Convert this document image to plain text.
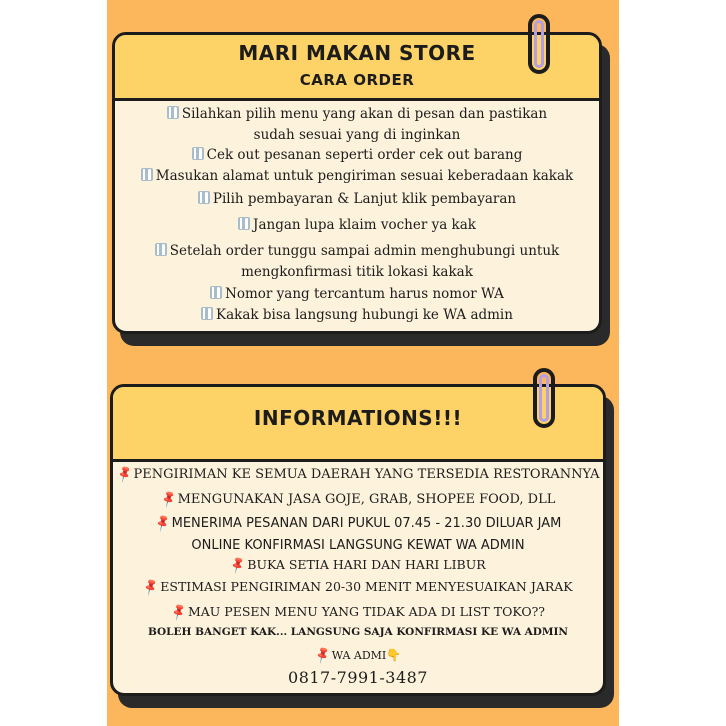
MARI MAKAN STORE
CARA ORDER
Silahkan pilih menu yang akan di pesan dan pastikan
sudah sesuai yang di inginkan
Cek out pesanan seperti order cek out barang
Masukan alamat untuk pengiriman sesuai keberadaan kakak
Pilih pembayaran & Lanjut klik pembayaran
Jangan lupa klaim vocher ya kak
Setelah order tunggu sampai admin menghubungi untuk
mengkonfirmasi titik lokasi kakak
Nomor yang tercantum harus nomor WA
Kakak bisa langsung hubungi ke WA admin
INFORMATIONS!!!
📌PENGIRIMAN KE SEMUA DAERAH YANG TERSEDIA RESTORANNYA
📌MENGUNAKAN JASA GOJE, GRAB, SHOPEE FOOD, DLL
📌MENERIMA PESANAN DARI PUKUL 07.45 - 21.30 DILUAR JAM
ONLINE KONFIRMASI LANGSUNG KEWAT WA ADMIN
📌BUKA SETIA HARI DAN HARI LIBUR
📌ESTIMASI PENGIRIMAN 20-30 MENIT MENYESUAIKAN JARAK
📌MAU PESEN MENU YANG TIDAK ADA DI LIST TOKO??
BOLEH BANGET KAK... LANGSUNG SAJA KONFIRMASI KE WA ADMIN
📌WA ADMI👇
0817-7991-3487
